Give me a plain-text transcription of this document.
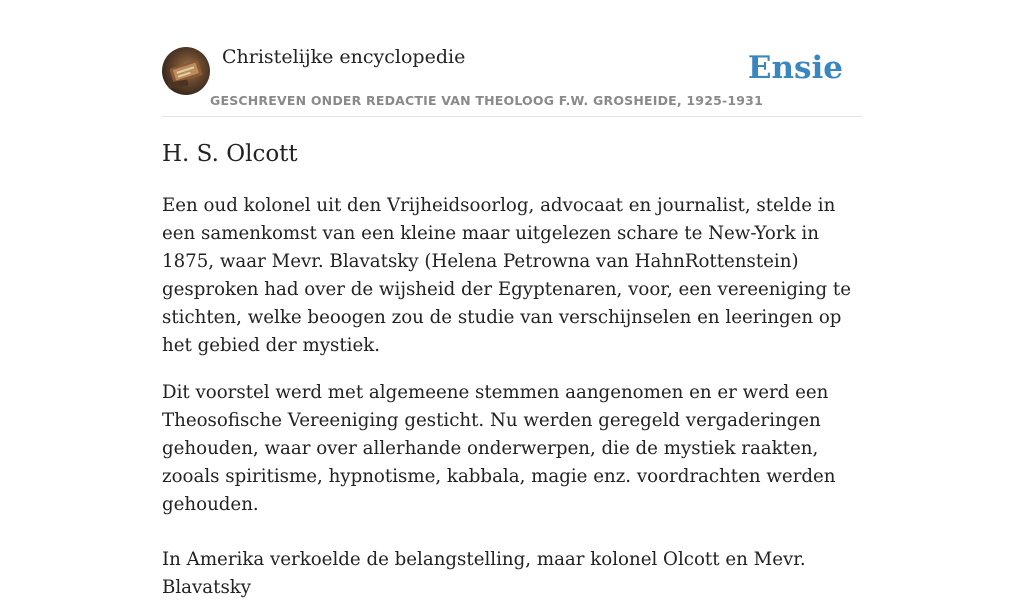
Christelijke encyclopedie
GESCHREVEN ONDER REDACTIE VAN THEOLOOG F.W. GROSHEIDE, 1925-1931
Ensie
H. S. Olcott

Een oud kolonel uit den Vrijheidsoorlog, advocaat en journalist, stelde in een samenkomst van een kleine maar uitgelezen schare te New-York in 1875, waar Mevr. Blavatsky (Helena Petrowna van HahnRottenstein) gesproken had over de wijsheid der Egyptenaren, voor, een vereeniging te stichten, welke beoogen zou de studie van verschijnselen en leeringen op het gebied der mystiek.

Dit voorstel werd met algemeene stemmen aangenomen en er werd een Theosofische Vereeniging gesticht. Nu werden geregeld vergaderingen gehouden, waar over allerhande onderwerpen, die de mystiek raakten, zooals spiritisme, hypnotisme, kabbala, magie enz. voordrachten werden gehouden.

In Amerika verkoelde de belangstelling, maar kolonel Olcott en Mevr. Blavatsky
